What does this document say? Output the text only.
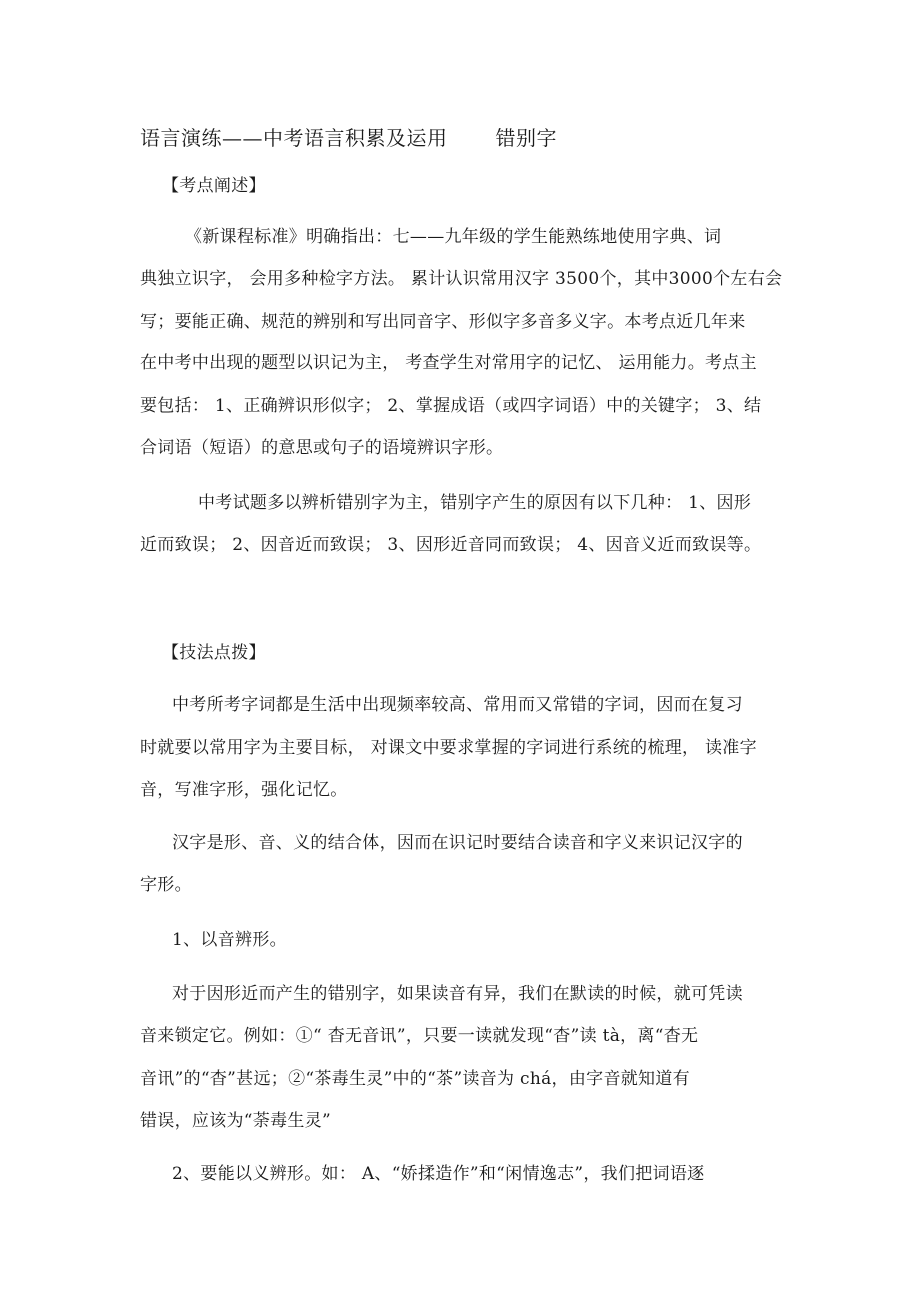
语言演练——中考语言积累及运用 错别字
【考点阐述】
《新课程标准》明确指出：七——九年级的学生能熟练地使用字典、词
典独立识字， 会用多种检字方法。 累计认识常用汉字 3500个，其中3000个左右会
写；要能正确、规范的辨别和写出同音字、形似字多音多义字。本考点近几年来
在中考中出现的题型以识记为主， 考查学生对常用字的记忆、 运用能力。考点主
要包括： 1、正确辨识形似字； 2、掌握成语（或四字词语）中的关键字； 3、结
合词语（短语）的意思或句子的语境辨识字形。
中考试题多以辨析错别字为主，错别字产生的原因有以下几种： 1、因形
近而致误； 2、因音近而致误； 3、因形近音同而致误； 4、因音义近而致误等。
【技法点拨】
中考所考字词都是生活中出现频率较高、常用而又常错的字词，因而在复习
时就要以常用字为主要目标， 对课文中要求掌握的字词进行系统的梳理， 读准字
音，写准字形，强化记忆。
汉字是形、音、义的结合体，因而在识记时要结合读音和字义来识记汉字的
字形。
1、以音辨形。
对于因形近而产生的错别字，如果读音有异，我们在默读的时候，就可凭读
音来锁定它。例如：①“ 杳无音讯”，只要一读就发现“杳”读 tà，离“杳无
音讯”的“杳”甚远；②“茶毒生灵”中的“茶”读音为 chá，由字音就知道有
错误，应该为“荼毒生灵”
2、要能以义辨形。如： A、“娇揉造作”和“闲情逸志”，我们把词语逐
